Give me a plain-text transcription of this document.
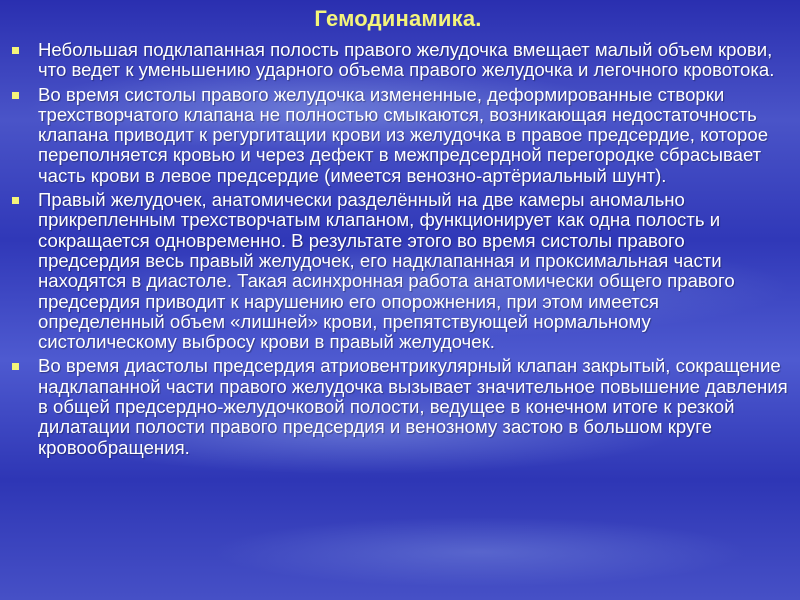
Гемодинамика.
Небольшая подклапанная полость правого желудочка вмещает малый объем крови, что ведет к уменьшению ударного объема правого желудочка и легочного кровотока.
Во время систолы правого желудочка измененные, деформированные створки трехстворчатого клапана не полностью смыкаются, возникающая недостаточность клапана приводит к регургитации крови из желудочка в правое предсердие, которое переполняется кровью и через дефект в межпредсердной перегородке сбрасывает часть крови в левое предсердие (имеется венозно-артёриальный шунт).
Правый желудочек, анатомически разделённый на две камеры аномально прикрепленным трехстворчатым клапаном, функционирует как одна полость и сокращается одновременно. В результате этого во время систолы правого предсердия весь правый желудочек, его надклапанная и проксимальная части находятся в диастоле. Такая асинхронная работа анатомически общего правого предсердия приводит к нарушению его опорожнения, при этом имеется определенный объем «лишней» крови, препятствующей нормальному систолическому выбросу крови в правый желудочек.
Во время диастолы предсердия атриовентрикулярный клапан закрытый, сокращение надклапанной части правого желудочка вызывает значительное повышение давления в общей предсердно-желудочковой полости, ведущее в конечном итоге к резкой дилатации полости правого предсердия и венозному застою в большом круге кровообращения.
